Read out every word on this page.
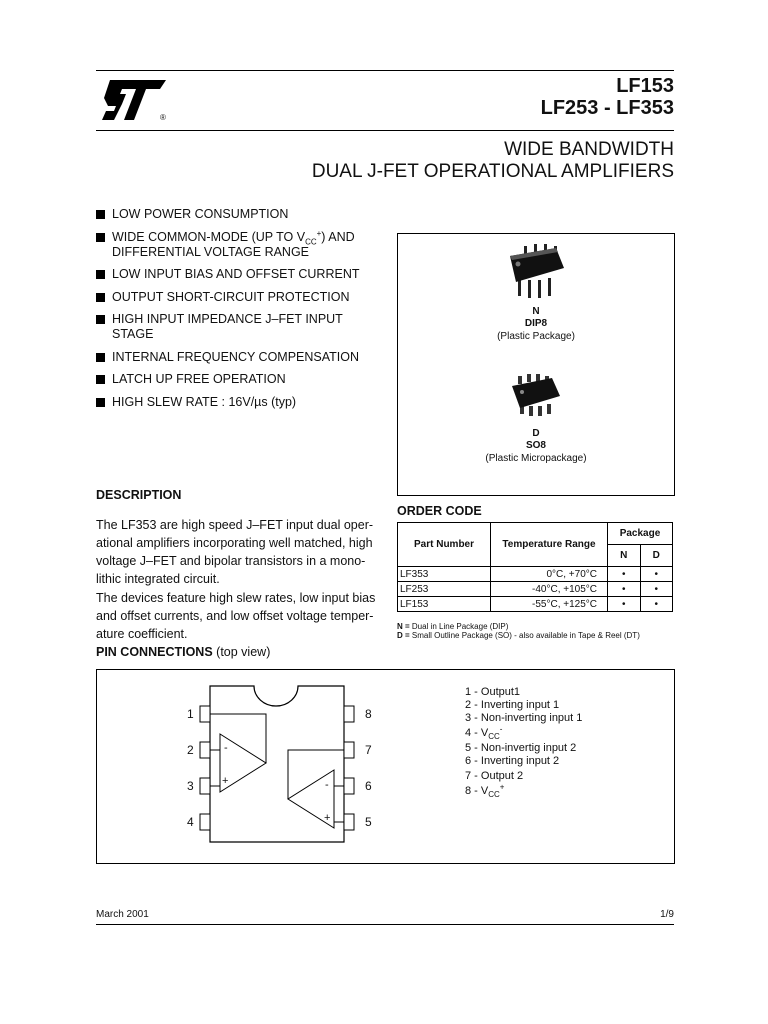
®
LF153
LF253 - LF353
WIDE BANDWIDTH
DUAL J-FET OPERATIONAL AMPLIFIERS
LOW POWER CONSUMPTION
WIDE COMMON-MODE (UP TO $V_{CC}^+$) AND
DIFFERENTIAL VOLTAGE RANGE
LOW INPUT BIAS AND OFFSET CURRENT
OUTPUT SHORT-CIRCUIT PROTECTION
HIGH INPUT IMPEDANCE J–FET INPUT
STAGE
INTERNAL FREQUENCY COMPENSATION
LATCH UP FREE OPERATION
HIGH SLEW RATE : 16V/µs (typ)
N
DIP8
(Plastic Package)
D
SO8
(Plastic Micropackage)
DESCRIPTION
The LF353 are high speed J–FET input dual oper-
ational amplifiers incorporating well matched, high
voltage J–FET and bipolar transistors in a mono-
lithic integrated circuit.
The devices feature high slew rates, low input bias
and offset currents, and low offset voltage temper-
ature coefficient.
ORDER CODE
Part Number	Temperature Range	Package	
		N	D
LF353	0°C, +70°C	•	•
LF253	-40°C, +105°C	•	•
LF153	-55°C, +125°C	•	•
N = Dual in Line Package (DIP)
D = Small Outline Package (SO) - also available in Tape & Reel (DT)
PIN CONNECTIONS (top view)
-
+	-
+
1
2
3
4
8
7
6
5
1 - Output1
2 - Inverting input 1
3 - Non-inverting input 1
$4 - V_{CC}^-$
5 - Non-invertig input 2
6 - Inverting input 2
7 - Output 2
$8 - V_{CC}^+$
March 2001	1/9
